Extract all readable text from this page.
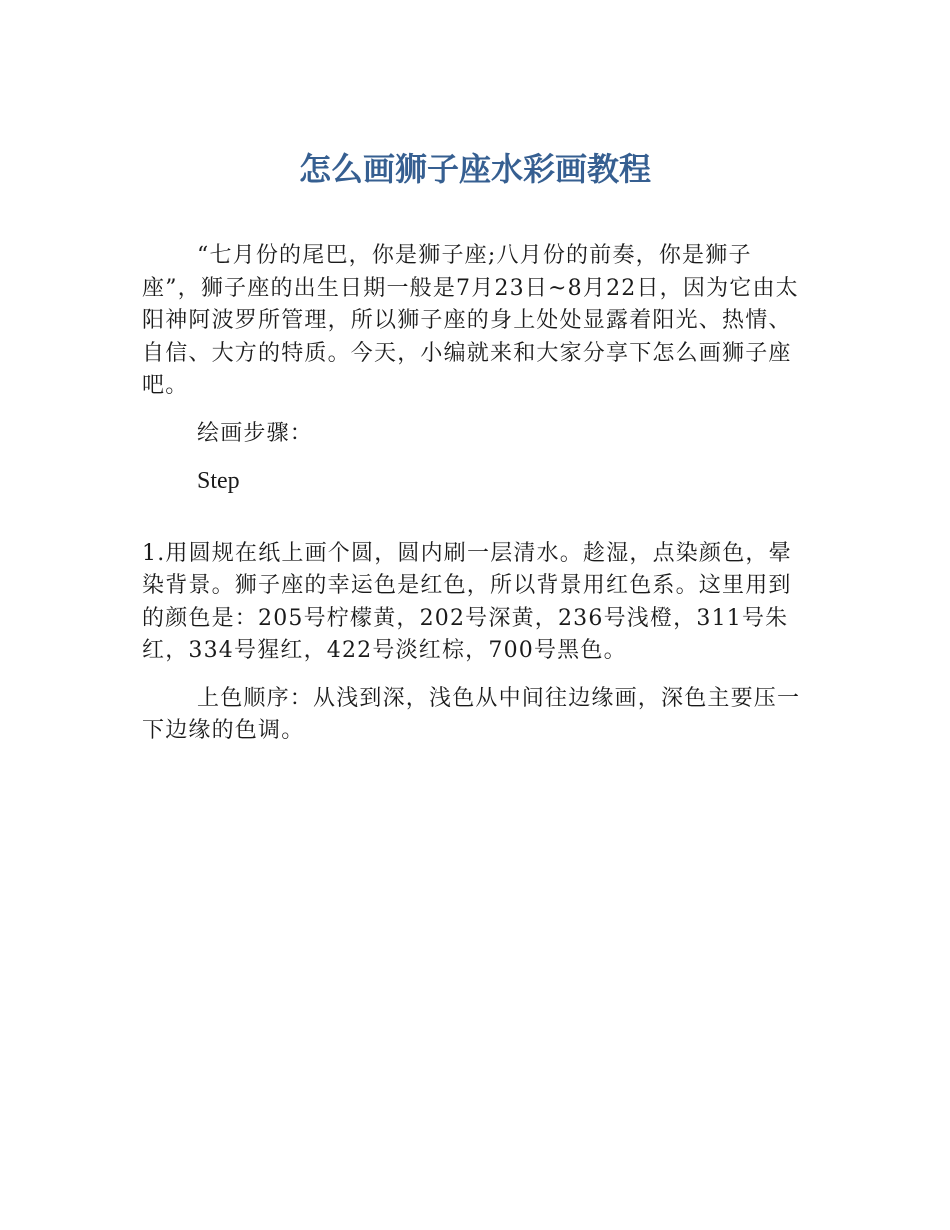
怎么画狮子座水彩画教程

“七月份的尾巴，你是狮子座;八月份的前奏，你是狮子座”，狮子座的出生日期一般是7月23日~8月22日，因为它由太阳神阿波罗所管理，所以狮子座的身上处处显露着阳光、热情、自信、大方的特质。今天，小编就来和大家分享下怎么画狮子座吧。

绘画步骤：

Step

1.用圆规在纸上画个圆，圆内刷一层清水。趁湿，点染颜色，晕染背景。狮子座的幸运色是红色，所以背景用红色系。这里用到的颜色是：205号柠檬黄，202号深黄，236号浅橙，311号朱红，334号猩红，422号淡红棕，700号黑色。

上色顺序：从浅到深，浅色从中间往边缘画，深色主要压一下边缘的色调。
